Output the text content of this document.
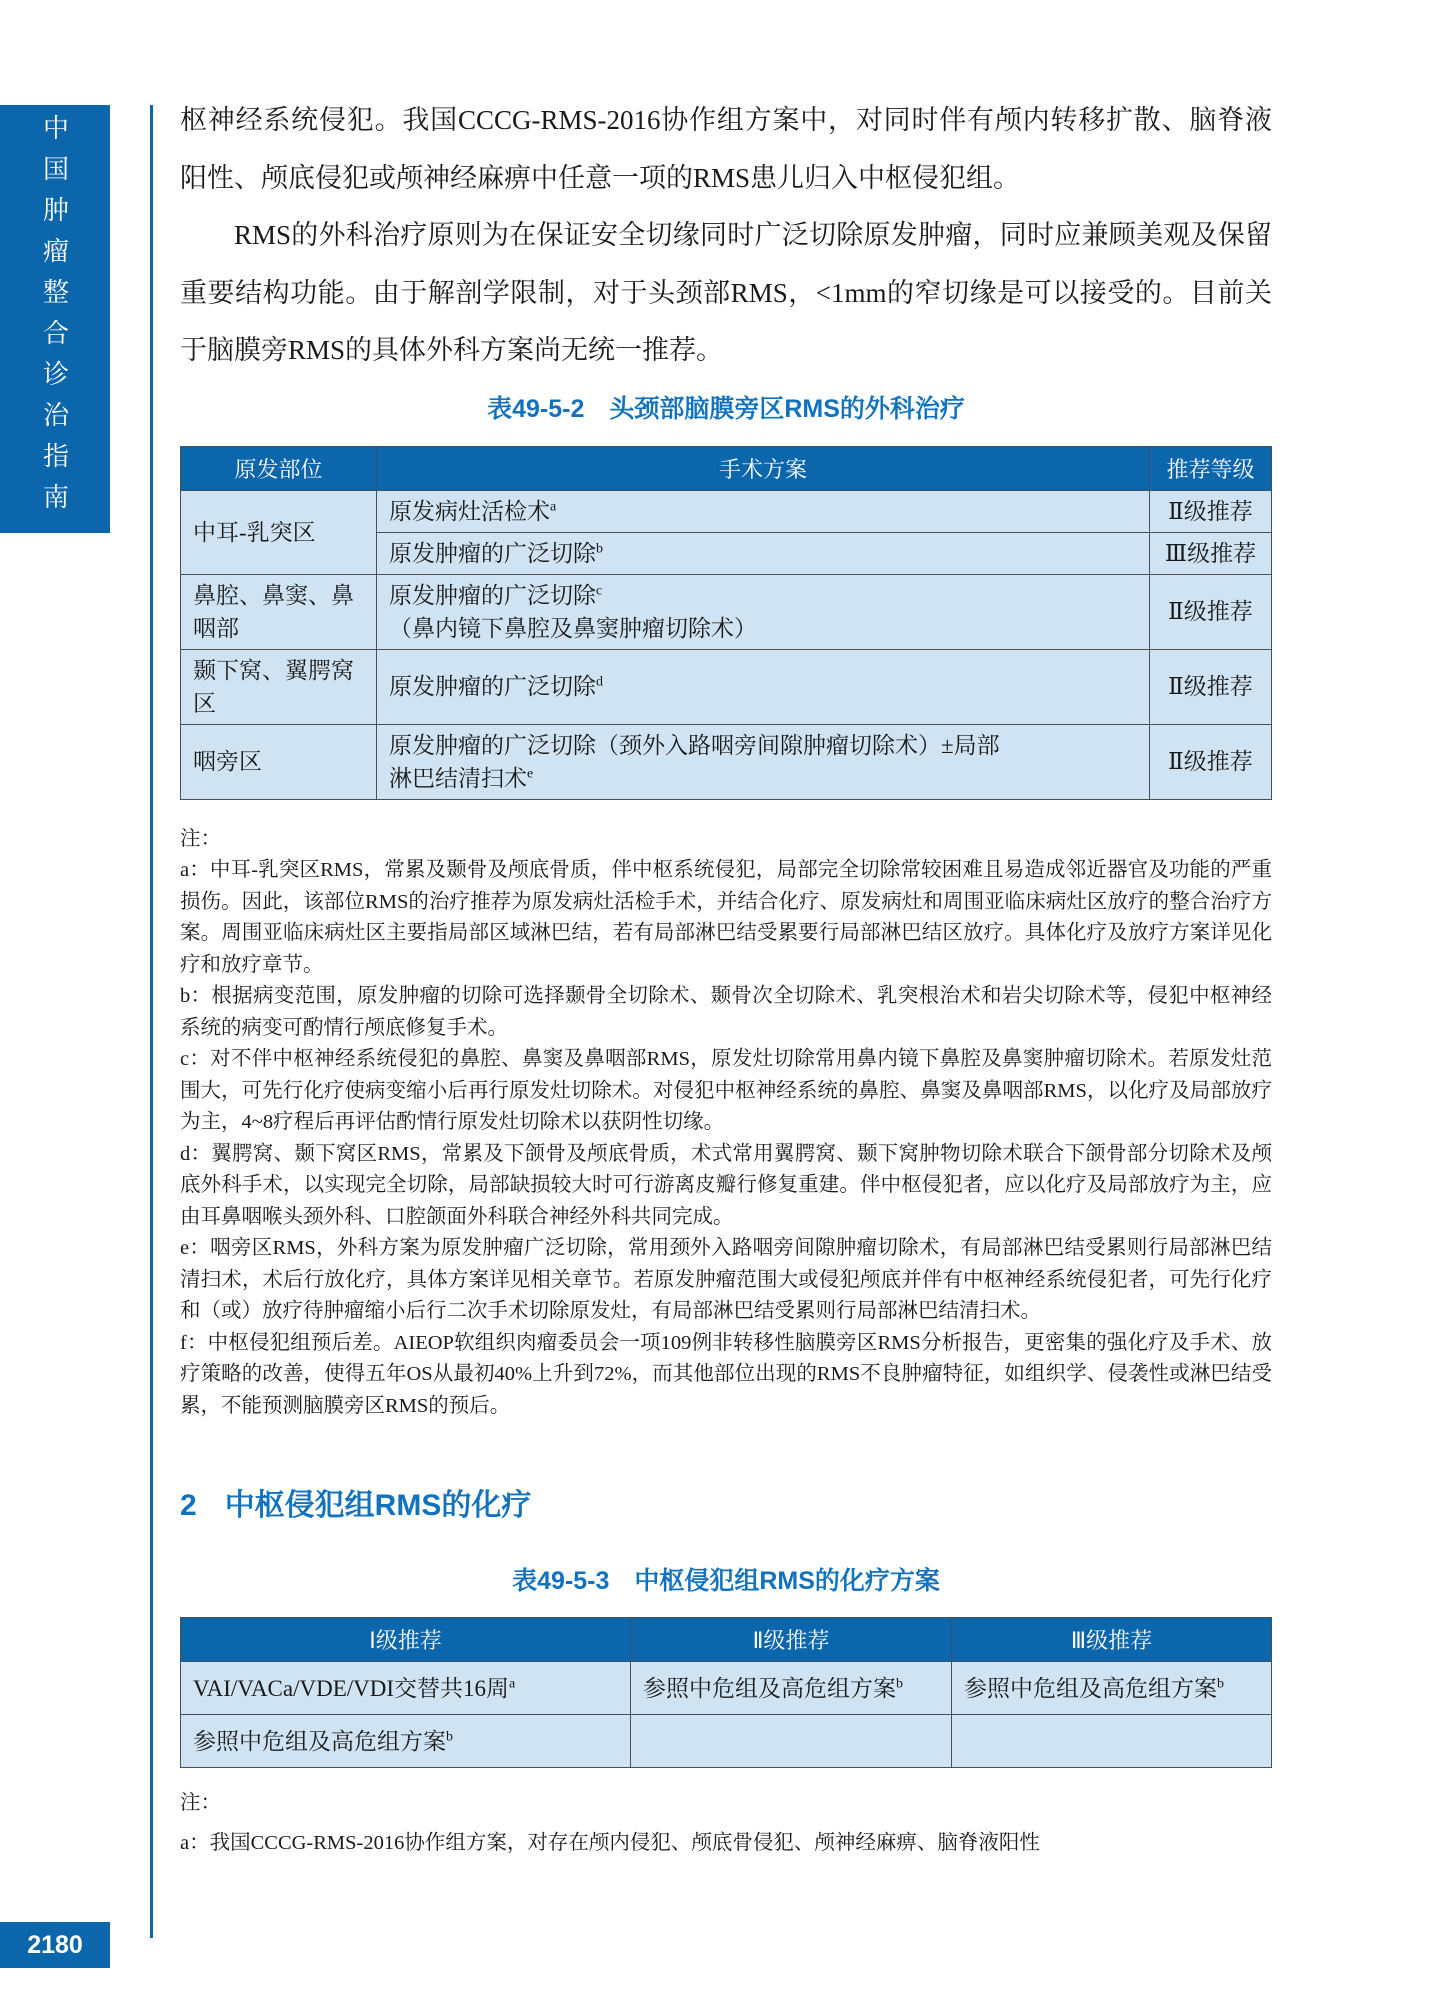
中国肿瘤整合诊治指南
2180

枢神经系统侵犯。我国CCCG-RMS-2016协作组方案中，对同时伴有颅内转移扩散、脑脊液阳性、颅底侵犯或颅神经麻痹中任意一项的RMS患儿归入中枢侵犯组。

RMS的外科治疗原则为在保证安全切缘同时广泛切除原发肿瘤，同时应兼顾美观及保留重要结构功能。由于解剖学限制，对于头颈部RMS，<1mm的窄切缘是可以接受的。目前关于脑膜旁RMS的具体外科方案尚无统一推荐。

表49-5-2　头颈部脑膜旁区RMS的外科治疗
原发部位	手术方案	推荐等级
中耳-乳突区	原发病灶活检术$^a$	Ⅱ级推荐

	原发肿瘤的广泛切除$^b$	Ⅲ级推荐
鼻腔、鼻窦、鼻咽部	原发肿瘤的广泛切除$^c$
（鼻内镜下鼻腔及鼻窦肿瘤切除术）	Ⅱ级推荐
颞下窝、翼腭窝区	原发肿瘤的广泛切除$^d$	Ⅱ级推荐
咽旁区	原发肿瘤的广泛切除（颈外入路咽旁间隙肿瘤切除术）±局部
淋巴结清扫术$^e$	Ⅱ级推荐

注：

a：中耳-乳突区RMS，常累及颞骨及颅底骨质，伴中枢系统侵犯，局部完全切除常较困难且易造成邻近器官及功能的严重损伤。因此，该部位RMS的治疗推荐为原发病灶活检手术，并结合化疗、原发病灶和周围亚临床病灶区放疗的整合治疗方案。周围亚临床病灶区主要指局部区域淋巴结，若有局部淋巴结受累要行局部淋巴结区放疗。具体化疗及放疗方案详见化疗和放疗章节。

b：根据病变范围，原发肿瘤的切除可选择颞骨全切除术、颞骨次全切除术、乳突根治术和岩尖切除术等，侵犯中枢神经系统的病变可酌情行颅底修复手术。

c：对不伴中枢神经系统侵犯的鼻腔、鼻窦及鼻咽部RMS，原发灶切除常用鼻内镜下鼻腔及鼻窦肿瘤切除术。若原发灶范围大，可先行化疗使病变缩小后再行原发灶切除术。对侵犯中枢神经系统的鼻腔、鼻窦及鼻咽部RMS，以化疗及局部放疗为主，4~8疗程后再评估酌情行原发灶切除术以获阴性切缘。

d：翼腭窝、颞下窝区RMS，常累及下颌骨及颅底骨质，术式常用翼腭窝、颞下窝肿物切除术联合下颌骨部分切除术及颅底外科手术，以实现完全切除，局部缺损较大时可行游离皮瓣行修复重建。伴中枢侵犯者，应以化疗及局部放疗为主，应由耳鼻咽喉头颈外科、口腔颌面外科联合神经外科共同完成。

e：咽旁区RMS，外科方案为原发肿瘤广泛切除，常用颈外入路咽旁间隙肿瘤切除术，有局部淋巴结受累则行局部淋巴结清扫术，术后行放化疗，具体方案详见相关章节。若原发肿瘤范围大或侵犯颅底并伴有中枢神经系统侵犯者，可先行化疗和（或）放疗待肿瘤缩小后行二次手术切除原发灶，有局部淋巴结受累则行局部淋巴结清扫术。

f：中枢侵犯组预后差。AIEOP软组织肉瘤委员会一项109例非转移性脑膜旁区RMS分析报告，更密集的强化疗及手术、放疗策略的改善，使得五年OS从最初40%上升到72%，而其他部位出现的RMS不良肿瘤特征，如组织学、侵袭性或淋巴结受累，不能预测脑膜旁区RMS的预后。

2 中枢侵犯组RMS的化疗
表49-5-3　中枢侵犯组RMS的化疗方案
Ⅰ级推荐	Ⅱ级推荐	Ⅲ级推荐

VAI/VACa/VDE/VDI交替共16周$^a$	参照中危组及高危组方案$^b$	参照中危组及高危组方案$^b$

参照中危组及高危组方案$^b$

注：

a：我国CCCG-RMS-2016协作组方案，对存在颅内侵犯、颅底骨侵犯、颅神经麻痹、脑脊液阳性
